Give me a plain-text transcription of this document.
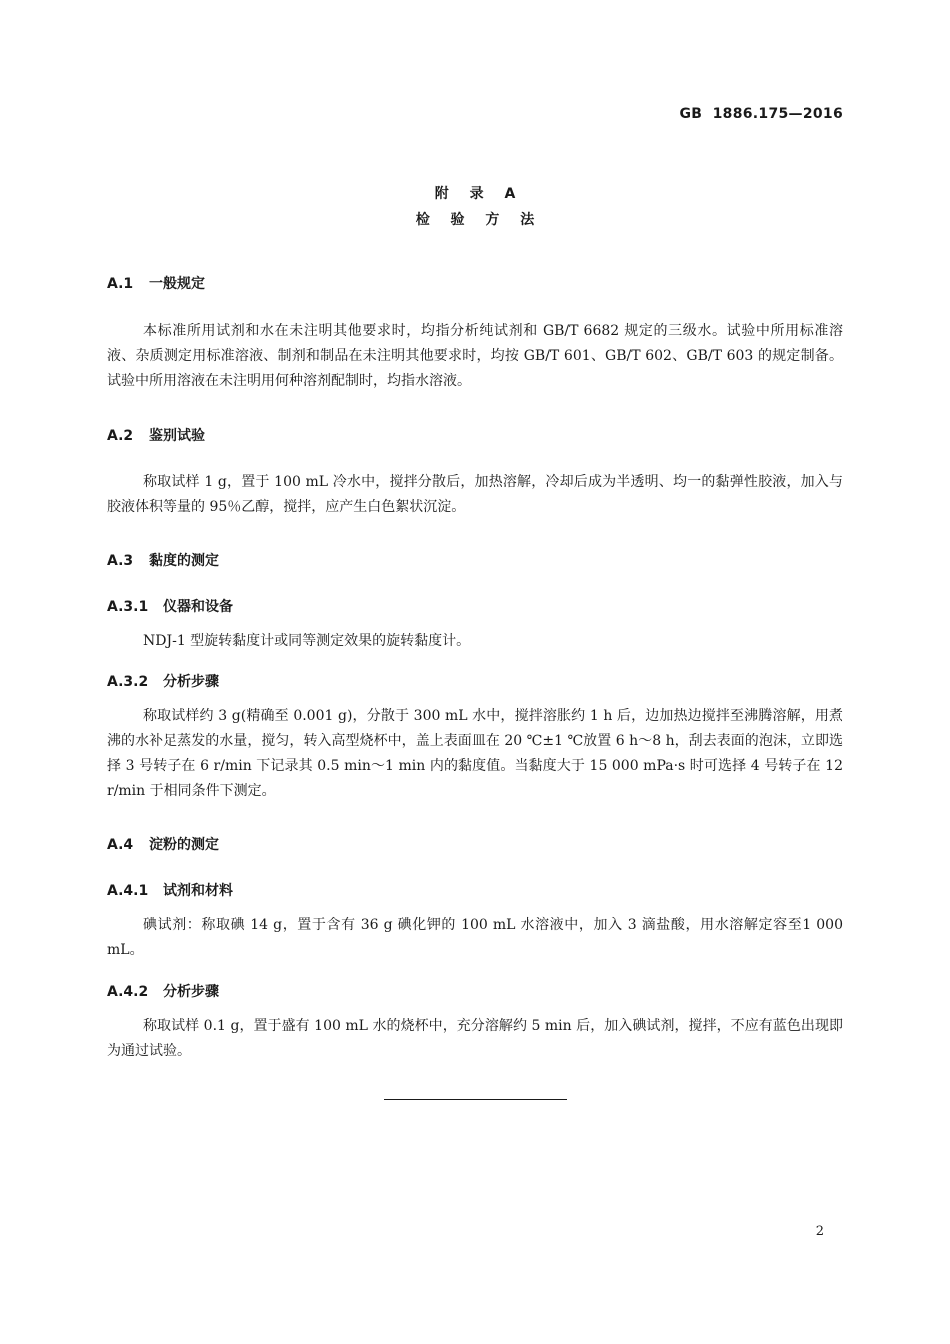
GB 1886.175—2016
附 录 A
检 验 方 法
A.1 一般规定
本标准所用试剂和水在未注明其他要求时，均指分析纯试剂和 GB/T 6682 规定的三级水。试验中所用标准溶液、杂质测定用标准溶液、制剂和制品在未注明其他要求时，均按 GB/T 601、GB/T 602、GB/T 603 的规定制备。试验中所用溶液在未注明用何种溶剂配制时，均指水溶液。
A.2 鉴别试验
称取试样 1 g，置于 100 mL 冷水中，搅拌分散后，加热溶解，冷却后成为半透明、均一的黏弹性胶液，加入与胶液体积等量的 95％乙醇，搅拌，应产生白色絮状沉淀。
A.3 黏度的测定
A.3.1 仪器和设备
NDJ-1 型旋转黏度计或同等测定效果的旋转黏度计。
A.3.2 分析步骤
称取试样约 3 g(精确至 0.001 g)，分散于 300 mL 水中，搅拌溶胀约 1 h 后，边加热边搅拌至沸腾溶解，用煮沸的水补足蒸发的水量，搅匀，转入高型烧杯中，盖上表面皿在 20 ℃±1 ℃放置 6 h～8 h，刮去表面的泡沫，立即选择 3 号转子在 6 r/min 下记录其 0.5 min～1 min 内的黏度值。当黏度大于 15 000 mPa·s 时可选择 4 号转子在 12 r/min 于相同条件下测定。
A.4 淀粉的测定
A.4.1 试剂和材料
碘试剂：称取碘 14 g，置于含有 36 g 碘化钾的 100 mL 水溶液中，加入 3 滴盐酸，用水溶解定容至1 000 mL。
A.4.2 分析步骤
称取试样 0.1 g，置于盛有 100 mL 水的烧杯中，充分溶解约 5 min 后，加入碘试剂，搅拌，不应有蓝色出现即为通过试验。
2
